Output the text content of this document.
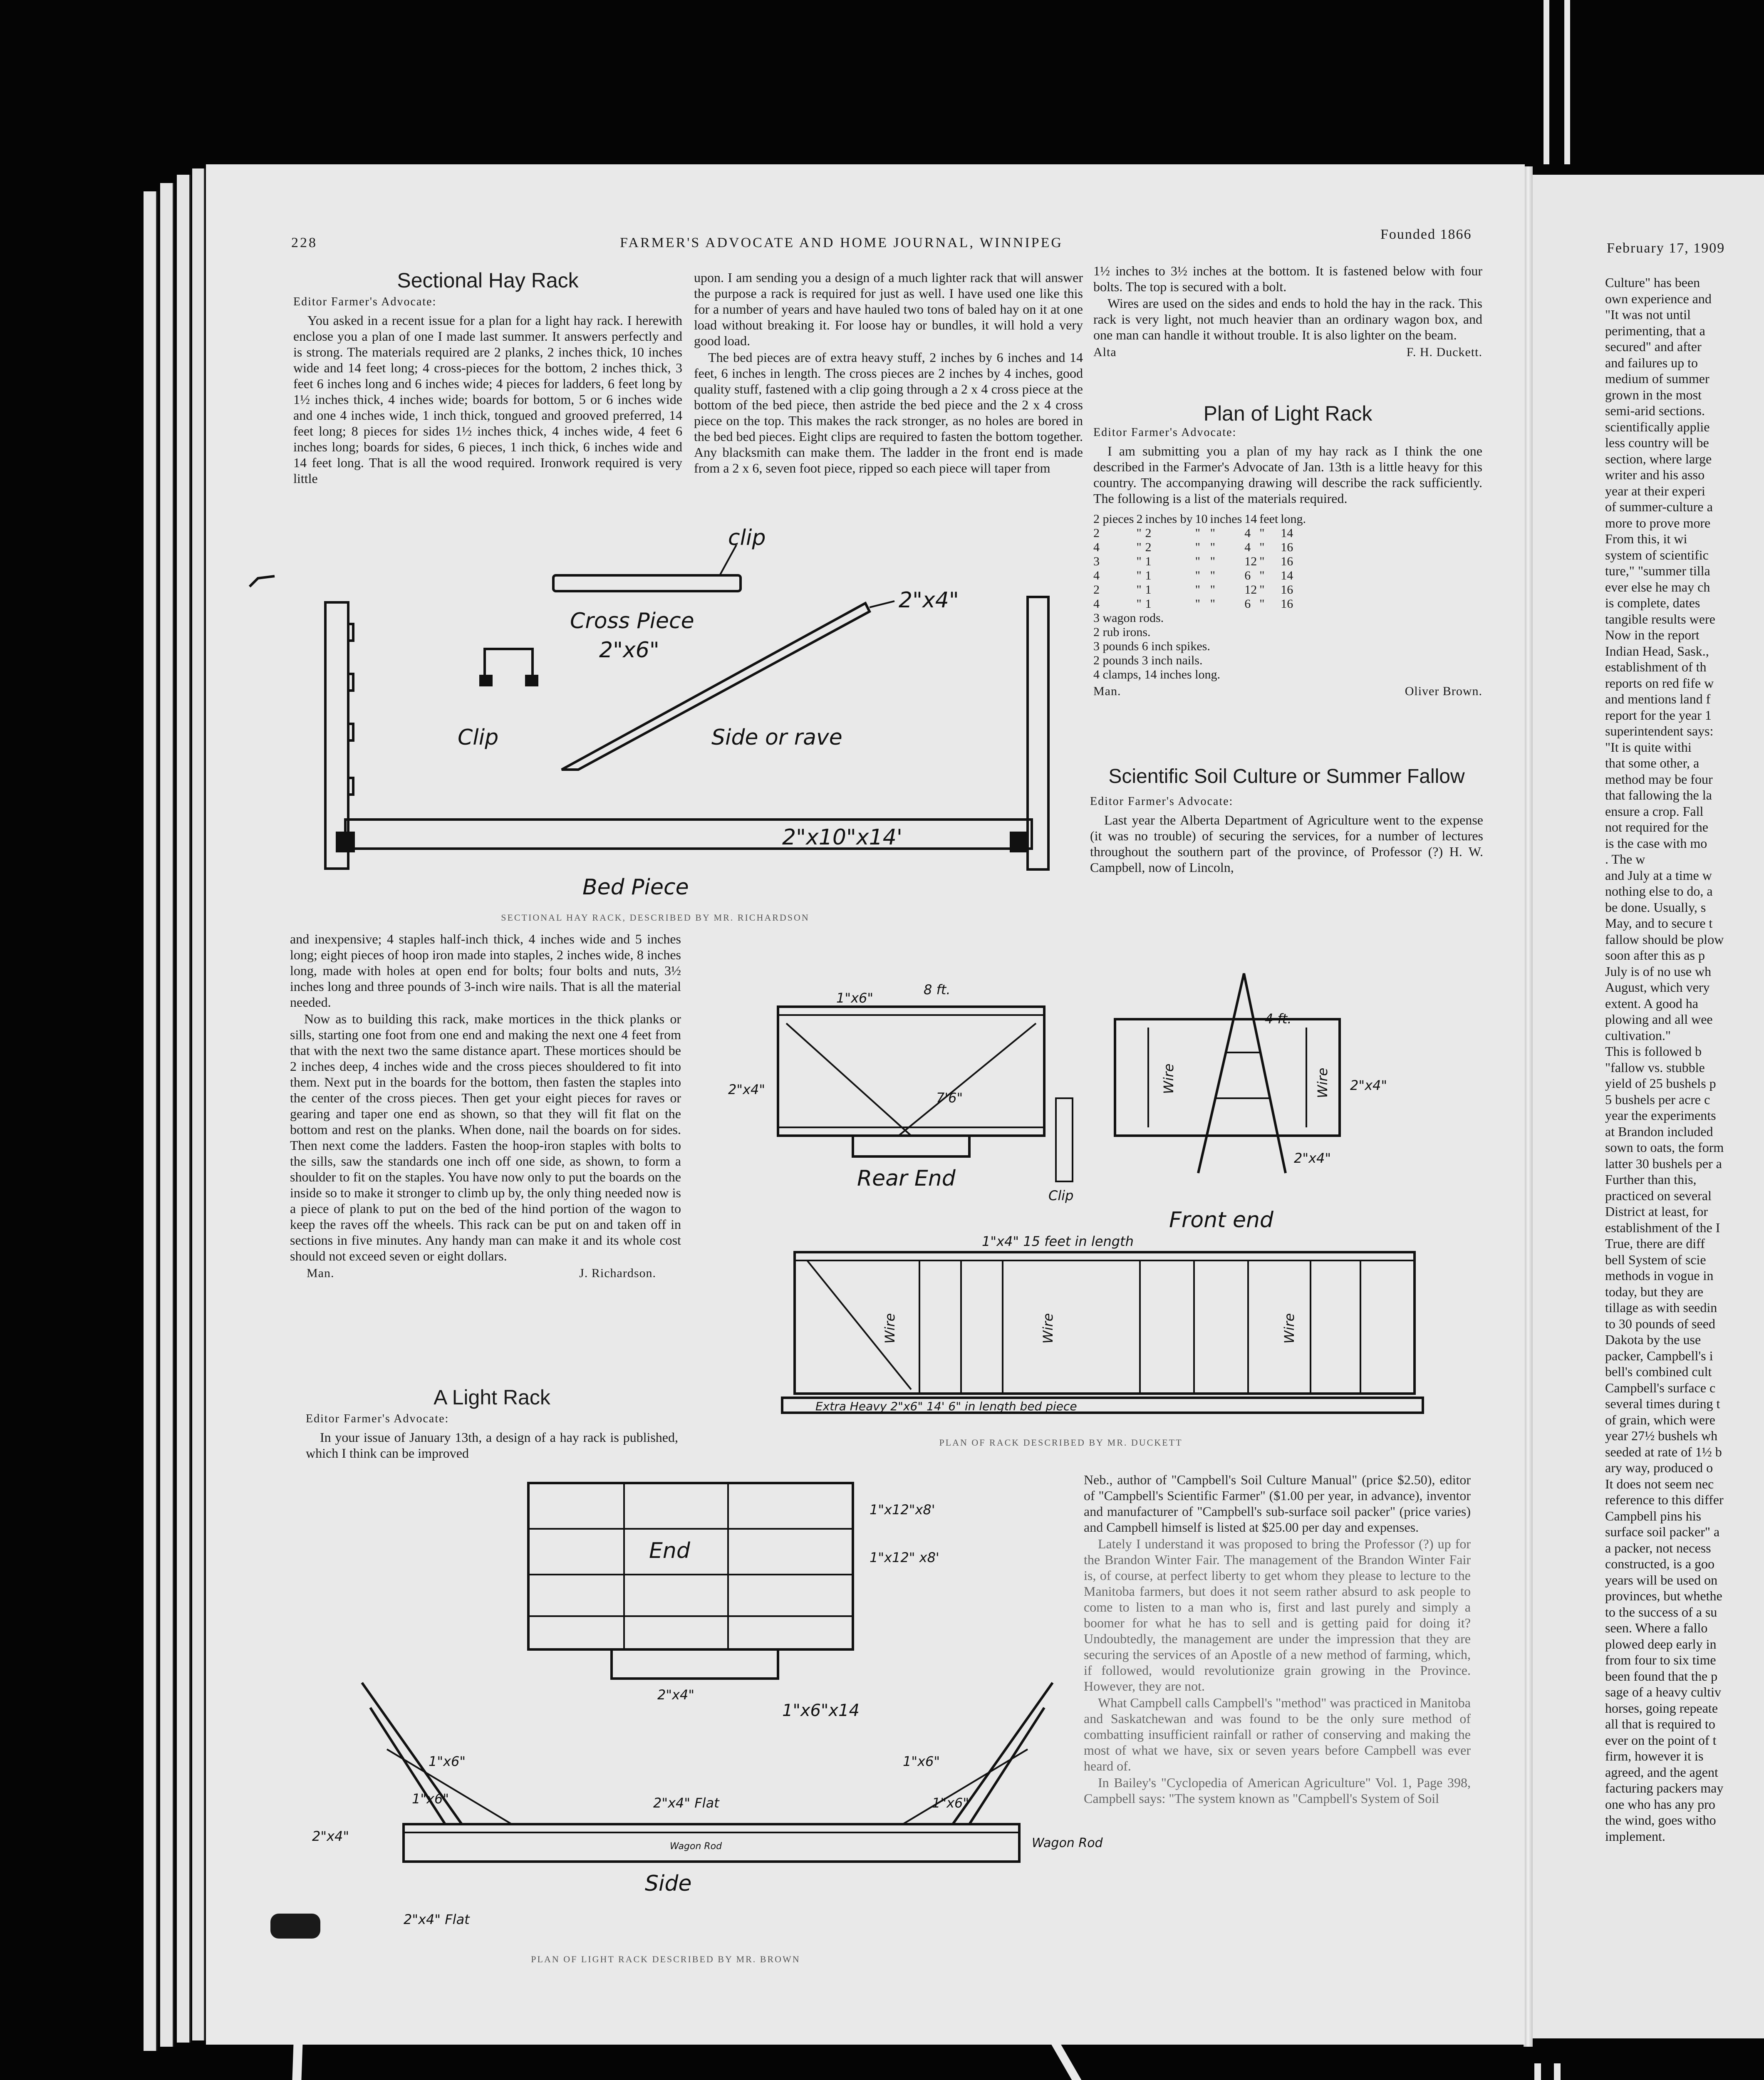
February 17, 1909
Culture" has been
own experience and
"It was not until
perimenting, that a
secured" and after
and failures up to
medium of summer
grown in the most
semi-arid sections.
scientifically applie
less country will be
section, where large
writer and his asso
year at their experi
of summer-culture a
more to prove more
From this, it wi
system of scientific
ture," "summer tilla
ever else he may ch
is complete, dates
tangible results were
Now in the report
Indian Head, Sask.,
establishment of th
reports on red fife w
and mentions land f
report for the year 1
superintendent says:
"It is quite withi
that some other, a
method may be four
that fallowing the la
ensure a crop. Fall
not required for the
is the case with mo
. The w
and July at a time w
nothing else to do, a
be done. Usually, s
May, and to secure t
fallow should be plow
soon after this as p
July is of no use wh
August, which very
extent. A good ha
plowing and all wee
cultivation."
This is followed b
"fallow vs. stubble
yield of 25 bushels p
5 bushels per acre c
year the experiments
at Brandon included
sown to oats, the form
latter 30 bushels per a
Further than this,
practiced on several
District at least, for
establishment of the I
True, there are diff
bell System of scie
methods in vogue in
today, but they are
tillage as with seedin
to 30 pounds of seed
Dakota by the use
packer, Campbell's i
bell's combined cult
Campbell's surface c
several times during t
of grain, which were
year 27½ bushels wh
seeded at rate of 1½ b
ary way, produced o
It does not seem nec
reference to this differ
Campbell pins his
surface soil packer" a
a packer, not necess
constructed, is a goo
years will be used on
provinces, but whethe
to the success of a su
seen. Where a fallo
plowed deep early in
from four to six time
been found that the p
sage of a heavy cultiv
horses, going repeate
all that is required to
ever on the point of t
firm, however it is
agreed, and the agent
facturing packers may
one who has any pro
the wind, goes witho
implement.
228	FARMER'S ADVOCATE AND HOME JOURNAL, WINNIPEG
Founded 1866
Sectional Hay Rack
Editor Farmer's Advocate:

You asked in a recent issue for a plan for a light hay rack. I herewith enclose you a plan of one I made last summer. It answers perfectly and is strong. The materials required are 2 planks, 2 inches thick, 10 inches wide and 14 feet long; 4 cross-pieces for the bottom, 2 inches thick, 3 feet 6 inches long and 6 inches wide; 4 pieces for ladders, 6 feet long by 1½ inches thick, 4 inches wide; boards for bottom, 5 or 6 inches wide and one 4 inches wide, 1 inch thick, tongued and grooved preferred, 14 feet long; 8 pieces for sides 1½ inches thick, 4 inches wide, 4 feet 6 inches long; boards for sides, 6 pieces, 1 inch thick, 6 inches wide and 14 feet long. That is all the wood required. Ironwork required is very little

upon. I am sending you a design of a much lighter rack that will answer the purpose a rack is required for just as well. I have used one like this for a number of years and have hauled two tons of baled hay on it at one load without breaking it. For loose hay or bundles, it will hold a very good load.

The bed pieces are of extra heavy stuff, 2 inches by 6 inches and 14 feet, 6 inches in length. The cross pieces are 2 inches by 4 inches, good quality stuff, fastened with a clip going through a 2 x 4 cross piece at the bottom of the bed piece, then astride the bed piece and the 2 x 4 cross piece on the top. This makes the rack stronger, as no holes are bored in the bed bed pieces. Eight clips are required to fasten the bottom together. Any blacksmith can make them. The ladder in the front end is made from a 2 x 6, seven foot piece, ripped so each piece will taper from

1½ inches to 3½ inches at the bottom. It is fastened below with four bolts. The top is secured with a bolt.

Wires are used on the sides and ends to hold the hay in the rack. This rack is very light, not much heavier than an ordinary wagon box, and one man can handle it without trouble. It is also lighter on the beam.

Alta	F. H. Duckett.
Plan of Light Rack
Editor Farmer's Advocate:

I am submitting you a plan of my hay rack as I think the one described in the Farmer's Advocate of Jan. 13th is a little heavy for this country. The accompanying drawing will describe the rack sufficiently. The following is a list of the materials required.

2 pieces	2	inches by	10	inches	14	feet	long.
2	"	2	"	"	4	"	14
4	"	2	"	"	4	"	16
3	"	1	"	"	12	"	16
4	"	1	"	"	6	"	14
2	"	1	"	"	12	"	16
4	"	1	"	"	6	"	16
3 wagon rods.
2 rub irons.
3 pounds 6 inch spikes.
2 pounds 3 inch nails.
4 clamps, 14 inches long.
Man.	Oliver Brown.
Scientific Soil Culture or Summer Fallow
Editor Farmer's Advocate:

Last year the Alberta Department of Agriculture went to the expense (it was no trouble) of securing the services, for a number of lectures throughout the southern part of the province, of Professor (?) H. W. Campbell, now of Lincoln,

clip
Cross Piece
2"x6"
2"x4"
Clip	Side or rave
2"x10"x14'
Bed Piece
SECTIONAL HAY RACK, DESCRIBED BY MR. RICHARDSON

and inexpensive; 4 staples half-inch thick, 4 inches wide and 5 inches long; eight pieces of hoop iron made into staples, 2 inches wide, 8 inches long, made with holes at open end for bolts; four bolts and nuts, 3½ inches long and three pounds of 3-inch wire nails. That is all the material needed.

Now as to building this rack, make mortices in the thick planks or sills, starting one foot from one end and making the next one 4 feet from that with the next two the same distance apart. These mortices should be 2 inches deep, 4 inches wide and the cross pieces shouldered to fit into them. Next put in the boards for the bottom, then fasten the staples into the center of the cross pieces. Then get your eight pieces for raves or gearing and taper one end as shown, so that they will fit flat on the bottom and rest on the planks. When done, nail the boards on for sides. Then next come the ladders. Fasten the hoop-iron staples with bolts to the sills, saw the standards one inch off one side, as shown, to form a shoulder to fit on the staples. You have now only to put the boards on the inside so to make it stronger to climb up by, the only thing needed now is a piece of plank to put on the bed of the hind portion of the wagon to keep the raves off the wheels. This rack can be put on and taken off in sections in five minutes. Any handy man can make it and its whole cost should not exceed seven or eight dollars.

Man.	J. Richardson.
A Light Rack
Editor Farmer's Advocate:

In your issue of January 13th, a design of a hay rack is published, which I think can be improved

1"x6"
8 ft.
7'6"
2"x4"
Rear End
Clip
4 ft.
2"x4"
2"x4"
Wire	Wire
Front end
1"x4" 15 feet in length
Wire	Wire	Wire
Extra Heavy 2"x6" 14' 6" in length bed piece
PLAN OF RACK DESCRIBED BY MR. DUCKETT
End
1"x12"x8'
1"x12" x8'
2"x4"
1"x6"x14
1"x6"
1"x6"
1"x6"
1"x6"
2"x4" Flat
2"x4"
Wagon Rod	Wagon Rod
Side
2"x4" Flat
PLAN OF LIGHT RACK DESCRIBED BY MR. BROWN

Neb., author of "Campbell's Soil Culture Manual" (price $2.50), editor of "Campbell's Scientific Farmer" ($1.00 per year, in advance), inventor and manufacturer of "Campbell's sub-surface soil packer" (price varies) and Campbell himself is listed at $25.00 per day and expenses.

Lately I understand it was proposed to bring the Professor (?) up for the Brandon Winter Fair. The management of the Brandon Winter Fair is, of course, at perfect liberty to get whom they please to lecture to the Manitoba farmers, but does it not seem rather absurd to ask people to come to listen to a man who is, first and last purely and simply a boomer for what he has to sell and is getting paid for doing it? Undoubtedly, the management are under the impression that they are securing the services of an Apostle of a new method of farming, which, if followed, would revolutionize grain growing in the Province. However, they are not.

What Campbell calls Campbell's "method" was practiced in Manitoba and Saskatchewan and was found to be the only sure method of combatting insufficient rainfall or rather of conserving and making the most of what we have, six or seven years before Campbell was ever heard of.

In Bailey's "Cyclopedia of American Agriculture" Vol. 1, Page 398, Campbell says: "The system known as "Campbell's System of Soil
